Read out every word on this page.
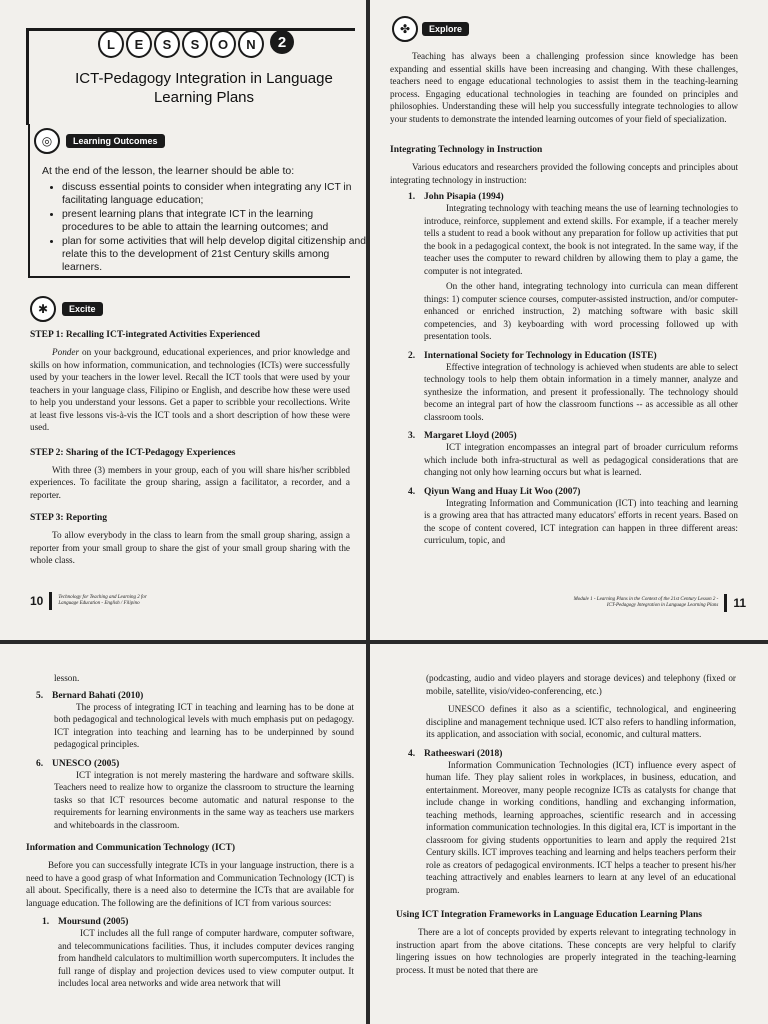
L	E	S	S	O	N	2
ICT-Pedagogy Integration in Language Learning Plans
◎	Learning Outcomes
At the end of the lesson, the learner should be able to:
• discuss essential points to consider when integrating any ICT in facilitating language education;
• present learning plans that integrate ICT in the learning procedures to be able to attain the learning outcomes; and
• plan for some activities that will help develop digital citizenship and relate this to the development of 21st Century skills among learners.
✱	Excite

STEP 1: Recalling ICT-integrated Activities Experienced

Ponder on your background, educational experiences, and prior knowledge and skills on how information, communication, and technologies (ICTs) were successfully used by your teachers in the lower level. Recall the ICT tools that were used by your teachers in your language class, Filipino or English, and describe how these were used to help you understand your lessons. Get a paper to scribble your recollections. Write at least five lessons vis-à-vis the ICT tools and a short description of how these were used.

STEP 2: Sharing of the ICT-Pedagogy Experiences

With three (3) members in your group, each of you will share his/her scribbled experiences. To facilitate the group sharing, assign a facilitator, a recorder, and a reporter.

STEP 3: Reporting

To allow everybody in the class to learn from the small group sharing, assign a reporter from your small group to share the gist of your small group sharing with the whole class.

10	Technology for Teaching and Learning 2 for Language Education - English / Filipino
✤	Explore

Teaching has always been a challenging profession since knowledge has been expanding and essential skills have been increasing and changing. With these challenges, teachers need to engage educational technologies to assist them in the teaching-learning process. Engaging educational technologies in teaching are founded on principles and philosophies. Understanding these will help you successfully integrate technologies to allow your students to demonstrate the intended learning outcomes of your field of specialization.

Integrating Technology in Instruction

Various educators and researchers provided the following concepts and principles about integrating technology in instruction:

1. John Pisapia (1994)

Integrating technology with teaching means the use of learning technologies to introduce, reinforce, supplement and extend skills. For example, if a teacher merely tells a student to read a book without any preparation for follow up activities that put the book in a pedagogical context, the book is not integrated. In the same way, if the teacher uses the computer to reward children by allowing them to play a game, the computer is not integrated.

On the other hand, integrating technology into curricula can mean different things: 1) computer science courses, computer-assisted instruction, and/or computer-enhanced or enriched instruction, 2) matching software with basic skill competencies, and 3) keyboarding with word processing followed up with presentation tools.

2. International Society for Technology in Education (ISTE)

Effective integration of technology is achieved when students are able to select technology tools to help them obtain information in a timely manner, analyze and synthesize the information, and present it professionally. The technology should become an integral part of how the classroom functions -- as accessible as all other classroom tools.

3. Margaret Lloyd (2005)

ICT integration encompasses an integral part of broader curriculum reforms which include both infra-structural as well as pedagogical considerations that are changing not only how learning occurs but what is learned.

4. Qiyun Wang and Huay Lit Woo (2007)

Integrating Information and Communication (ICT) into teaching and learning is a growing area that has attracted many educators' efforts in recent years. Based on the scope of content covered, ICT integration can happen in three different areas: curriculum, topic, and

Module 1 - Learning Plans in the Context of the 21st Century Lesson 2 - ICT-Pedagogy Integration in Language Learning Plans 11

lesson.

5. Bernard Bahati (2010)

The process of integrating ICT in teaching and learning has to be done at both pedagogical and technological levels with much emphasis put on pedagogy. ICT integration into teaching and learning has to be underpinned by sound pedagogical principles.

6. UNESCO (2005)

ICT integration is not merely mastering the hardware and software skills. Teachers need to realize how to organize the classroom to structure the learning tasks so that ICT resources become automatic and natural response to the requirements for learning environments in the same way as teachers use markers and whiteboards in the classroom.

Information and Communication Technology (ICT)

Before you can successfully integrate ICTs in your language instruction, there is a need to have a good grasp of what Information and Communication Technology (ICT) is all about. Specifically, there is a need also to determine the ICTs that are available for language education. The following are the definitions of ICT from various sources:

1. Moursund (2005)

ICT includes all the full range of computer hardware, computer software, and telecommunications facilities. Thus, it includes computer devices ranging from handheld calculators to multimillion worth supercomputers. It includes the full range of display and projection devices used to view computer output. It includes local area networks and wide area network that will

(podcasting, audio and video players and storage devices) and telephony (fixed or mobile, satellite, visio/video-conferencing, etc.)

UNESCO defines it also as a scientific, technological, and engineering discipline and management technique used. ICT also refers to handling information, its application, and association with social, economic, and cultural matters.

4. Ratheeswari (2018)

Information Communication Technologies (ICT) influence every aspect of human life. They play salient roles in workplaces, in business, education, and entertainment. Moreover, many people recognize ICTs as catalysts for change that include change in working conditions, handling and exchanging information, teaching methods, learning approaches, scientific research and in accessing information communication technologies. In this digital era, ICT is important in the classroom for giving students opportunities to learn and apply the required 21st Century skills. ICT improves teaching and learning and helps teachers perform their role as creators of pedagogical environments. ICT helps a teacher to present his/her teaching attractively and enables learners to learn at any level of an educational program.

Using ICT Integration Frameworks in Language Education Learning Plans

There are a lot of concepts provided by experts relevant to integrating technology in instruction apart from the above citations. These concepts are very helpful to clarify lingering issues on how technologies are properly integrated in the teaching-learning process. It must be noted that there are
